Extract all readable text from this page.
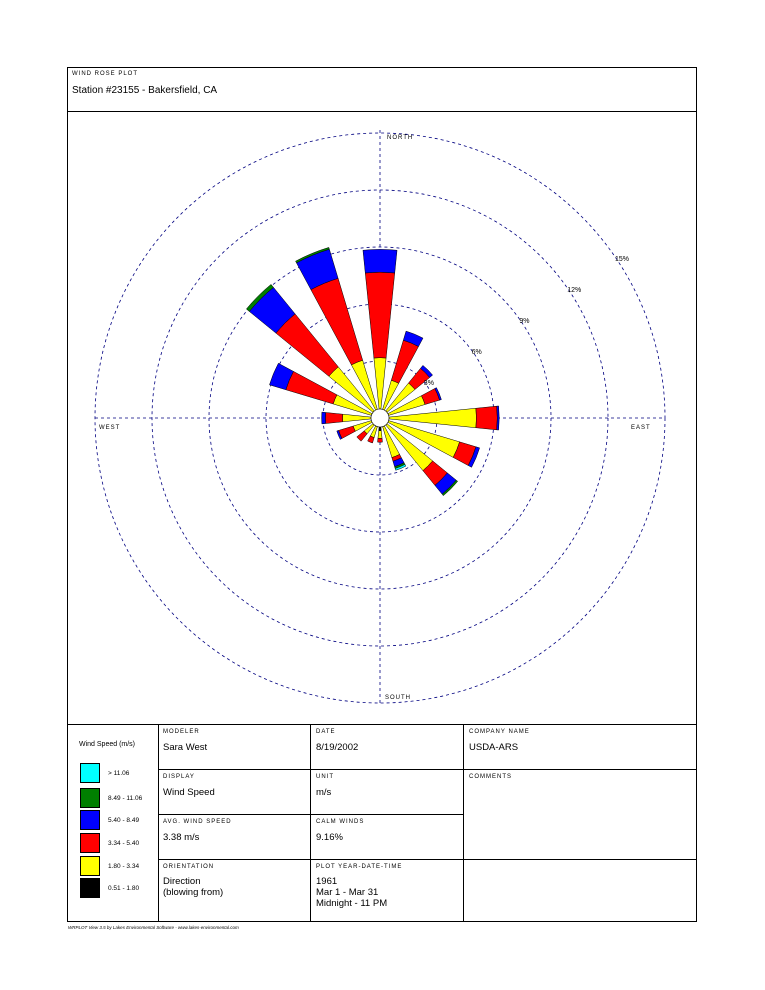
WIND ROSE PLOT
Station #23155 - Bakersfield, CA
3%
6%
9%
12%
15%
NORTH
SOUTH
EAST
WEST
Wind Speed (m/s)
> 11.06
8.49 - 11.06
5.40 - 8.49
3.34 - 5.40
1.80 - 3.34
0.51 - 1.80
MODELER
Sara West
DATE
8/19/2002
COMPANY NAME
USDA-ARS
DISPLAY
Wind Speed
UNIT
m/s
COMMENTS
AVG. WIND SPEED
3.38 m/s
CALM WINDS
9.16%
ORIENTATION
Direction
(blowing from)
PLOT YEAR-DATE-TIME
1961
Mar 1 - Mar 31
Midnight - 11 PM
WRPLOT View 3.5 by Lakes Environmental Software - www.lakes-environmental.com
